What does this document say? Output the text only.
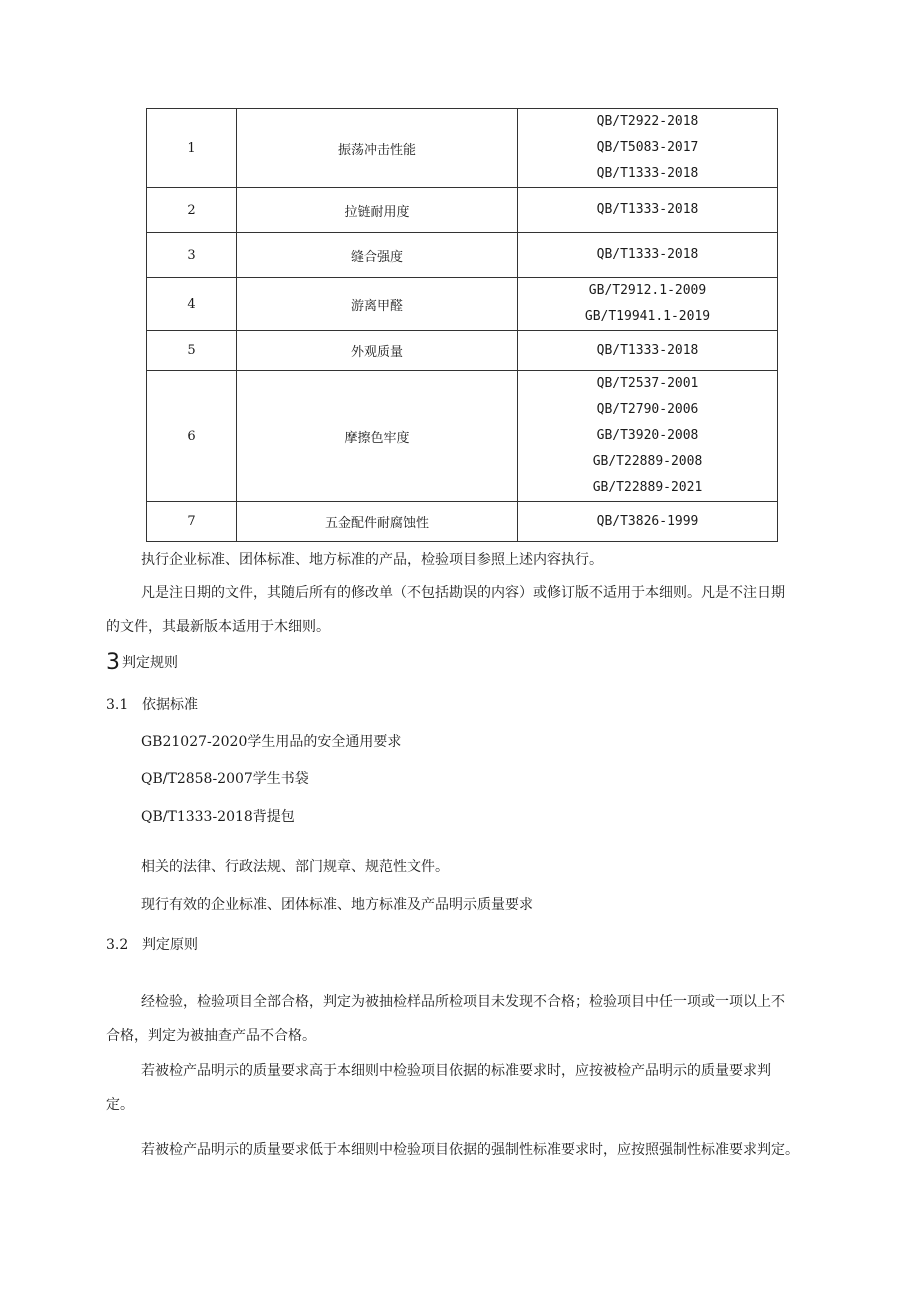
1	振荡冲击性能	QB/T2922-2018
QB/T5083-2017
QB/T1333-2018

2	拉链耐用度	QB/T1333-2018

3	缝合强度	QB/T1333-2018

4	游离甲醛	GB/T2912.1-2009
GB/T19941.1-2019

5	外观质量	QB/T1333-2018

6	摩擦色牢度	QB/T2537-2001
QB/T2790-2006
GB/T3920-2008
GB/T22889-2008
GB/T22889-2021

7	五金配件耐腐蚀性	QB/T3826-1999
执行企业标准、团体标准、地方标准的产品，检验项目参照上述内容执行。
凡是注日期的文件，其随后所有的修改单（不包括勘误的内容）或修订版不适用于本细则。凡是不注日期的文件，其最新版本适用于木细则。
3 判定规则
3.1 依据标准
GB21027-2020学生用品的安全通用要求
QB/T2858-2007学生书袋
QB/T1333-2018背提包
相关的法律、行政法规、部门规章、规范性文件。
现行有效的企业标准、团体标准、地方标准及产品明示质量要求
3.2 判定原则
经检验，检验项目全部合格，判定为被抽检样品所检项目未发现不合格；检验项目中任一项或一项以上不合格，判定为被抽查产品不合格。
若被检产品明示的质量要求高于本细则中检验项目依据的标准要求时，应按被检产品明示的质量要求判定。
若被检产品明示的质量要求低于本细则中检验项目依据的强制性标准要求时，应按照强制性标准要求判定。
